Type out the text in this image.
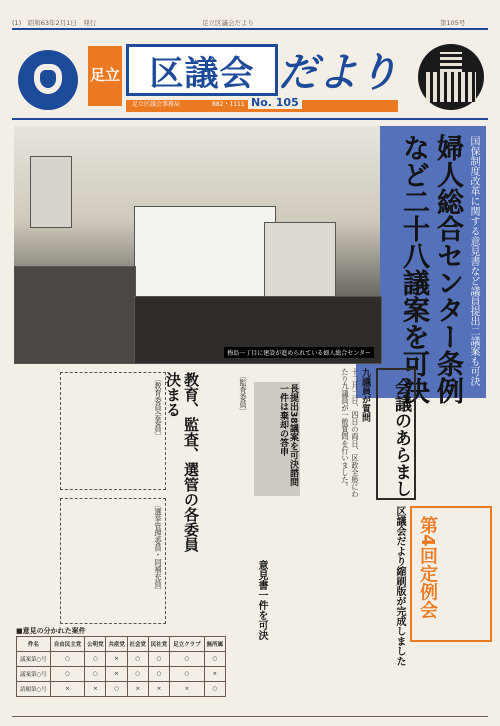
(1)　昭和63年2月1日　発行	足立区議会だより	第105号
足立 区議会 だより
足立区議会事務局	882・1111 No. 105
国保制度改革に関する意見書など議員提出二議案も可決
婦人総合センター条例など二十八議案を可決
梅島一丁目に建設が進められている婦人総合センター
会議のあらまし
九議員が質問
十二月二日、四日の両日、区政全般にわたり九議員が一般質問を行いました。
長提出38議案を可決諮問一件は棄却の答申
教育、監査、選管の各委員決まる	〔監査委員〕
〔教育委員会委員〕
〔選挙管理委員・同補充員〕
意見書一件を可決	区議会だより縮刷版が完成しました 第4回定例会
■意見の分かれた案件
件名	自由民主党	公明党	共産党	社会党	民社党	足立クラブ	無所属
議案第○号	○	○	×	○	○	○	○
議案第○号	○	○	×	○	○	○	×
請願第○号	×	×	○	×	×	×	○
